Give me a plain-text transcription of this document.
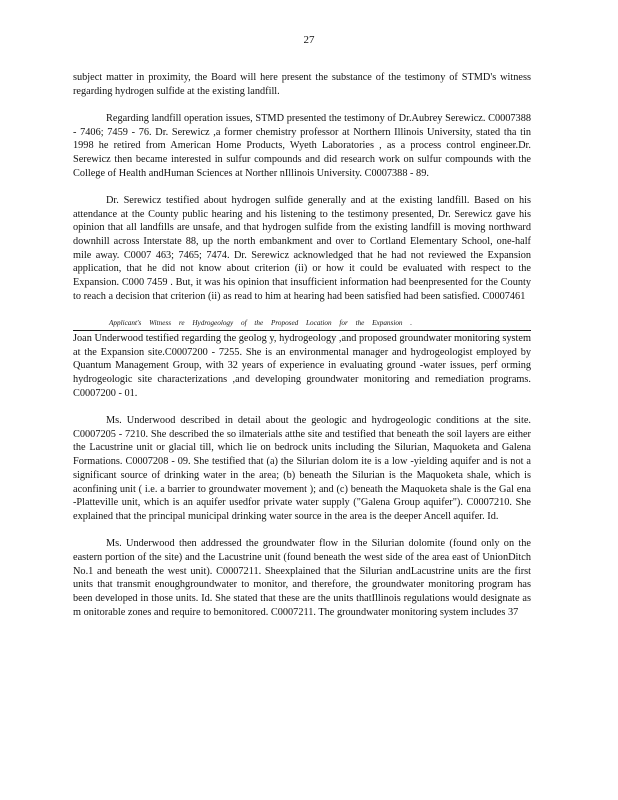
27

subject matter in proximity, the Board will here present the substance of the testimony of STMD's witness regarding hydrogen sulfide at the existing landfill.

Regarding landfill operation issues, STMD presented the testimony of Dr.Aubrey Serewicz. C0007388 - 7406; 7459 - 76. Dr. Serewicz ,a former chemistry professor at Northern Illinois University, stated tha tin 1998 he retired from American Home Products, Wyeth Laboratories , as a process control engineer.Dr. Serewicz then became interested in sulfur compounds and did research work on sulfur compounds with the College of Health andHuman Sciences at Norther nIllinois University. C0007388 - 89.

Dr. Serewicz testified about hydrogen sulfide generally and at the existing landfill. Based on his attendance at the County public hearing and his listening to the testimony presented, Dr. Serewicz gave his opinion that all landfills are unsafe, and that hydrogen sulfide from the existing landfill is moving northward downhill across Interstate 88, up the north embankment and over to Cortland Elementary School, one-half mile away. C0007 463; 7465; 7474. Dr. Serewicz acknowledged that he had not reviewed the Expansion application, that he did not know about criterion (ii) or how it could be evaluated with respect to the Expansion. C000 7459 . But, it was his opinion that insufficient information had beenpresented for the County to reach a decision that criterion (ii) as read to him at hearing had been satisfied had been satisfied. C0007461

Applicant's Witness re Hydrogeology of the Proposed Location for the Expansion .

Joan Underwood testified regarding the geolog y, hydrogeology ,and proposed groundwater monitoring system at the Expansion site.C0007200 - 7255. She is an environmental manager and hydrogeologist employed by Quantum Management Group, with 32 years of experience in evaluating ground -water issues, perf orming hydrogeologic site characterizations ,and developing groundwater monitoring and remediation programs. C0007200 - 01.

Ms. Underwood described in detail about the geologic and hydrogeologic conditions at the site. C0007205 - 7210. She described the so ilmaterials atthe site and testified that beneath the soil layers are either the Lacustrine unit or glacial till, which lie on bedrock units including the Silurian, Maquoketa and Galena Formations. C0007208 - 09. She testified that (a) the Silurian dolom ite is a low -yielding aquifer and is not a significant source of drinking water in the area; (b) beneath the Silurian is the Maquoketa shale, which is aconfining unit ( i.e. a barrier to groundwater movement ); and (c) beneath the Maquoketa shale is the Gal ena -Platteville unit, which is an aquifer usedfor private water supply ("Galena Group aquifer"). C0007210. She explained that the principal municipal drinking water source in the area is the deeper Ancell aquifer. Id.

Ms. Underwood then addressed the groundwater flow in the Silurian dolomite (found only on the eastern portion of the site) and the Lacustrine unit (found beneath the west side of the area east of UnionDitch No.1 and beneath the west unit). C0007211. Sheexplained that the Silurian andLacustrine units are the first units that transmit enoughgroundwater to monitor, and therefore, the groundwater monitoring program has been developed in those units. Id. She stated that these are the units thatIllinois regulations would designate as m onitorable zones and require to bemonitored. C0007211. The groundwater monitoring system includes 37
